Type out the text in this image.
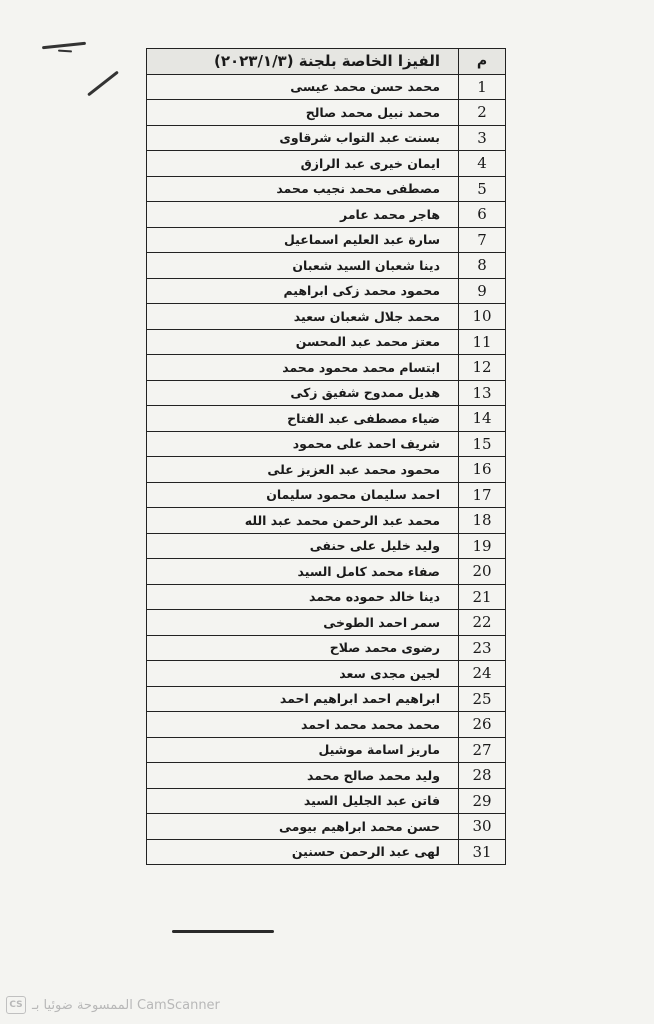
م	الفيزا الخاصة بلجنة (٢٠٢٣/١/٣)
1	محمد حسن محمد عيسى
2	محمد نبيل محمد صالح
3	بسنت عبد التواب شرقاوى
4	ايمان خيرى عبد الرازق
5	مصطفى محمد نجيب محمد
6	هاجر محمد عامر
7	سارة عبد العليم اسماعيل
8	دينا شعبان السيد شعبان
9	محمود محمد زكى ابراهيم
10	محمد جلال شعبان سعيد
11	معتز محمد عبد المحسن
12	ابتسام محمد محمود محمد
13	هديل ممدوح شفيق زكى
14	ضياء مصطفى عبد الفتاح
15	شريف احمد على محمود
16	محمود محمد عبد العزيز على
17	احمد سليمان محمود سليمان
18	محمد عبد الرحمن محمد عبد الله
19	وليد خليل على حنفى
20	صفاء محمد كامل السيد
21	دينا خالد حموده محمد
22	سمر احمد الطوخى
23	رضوى محمد صلاح
24	لجين مجدى سعد
25	ابراهيم احمد ابراهيم احمد
26	محمد محمد محمد احمد
27	ماريز اسامة موشيل
28	وليد محمد صالح محمد
29	فاتن عبد الجليل السيد
30	حسن محمد ابراهيم بيومى
31	لهى عبد الرحمن حسنين
CS الممسوحة ضوئيا بـ CamScanner
